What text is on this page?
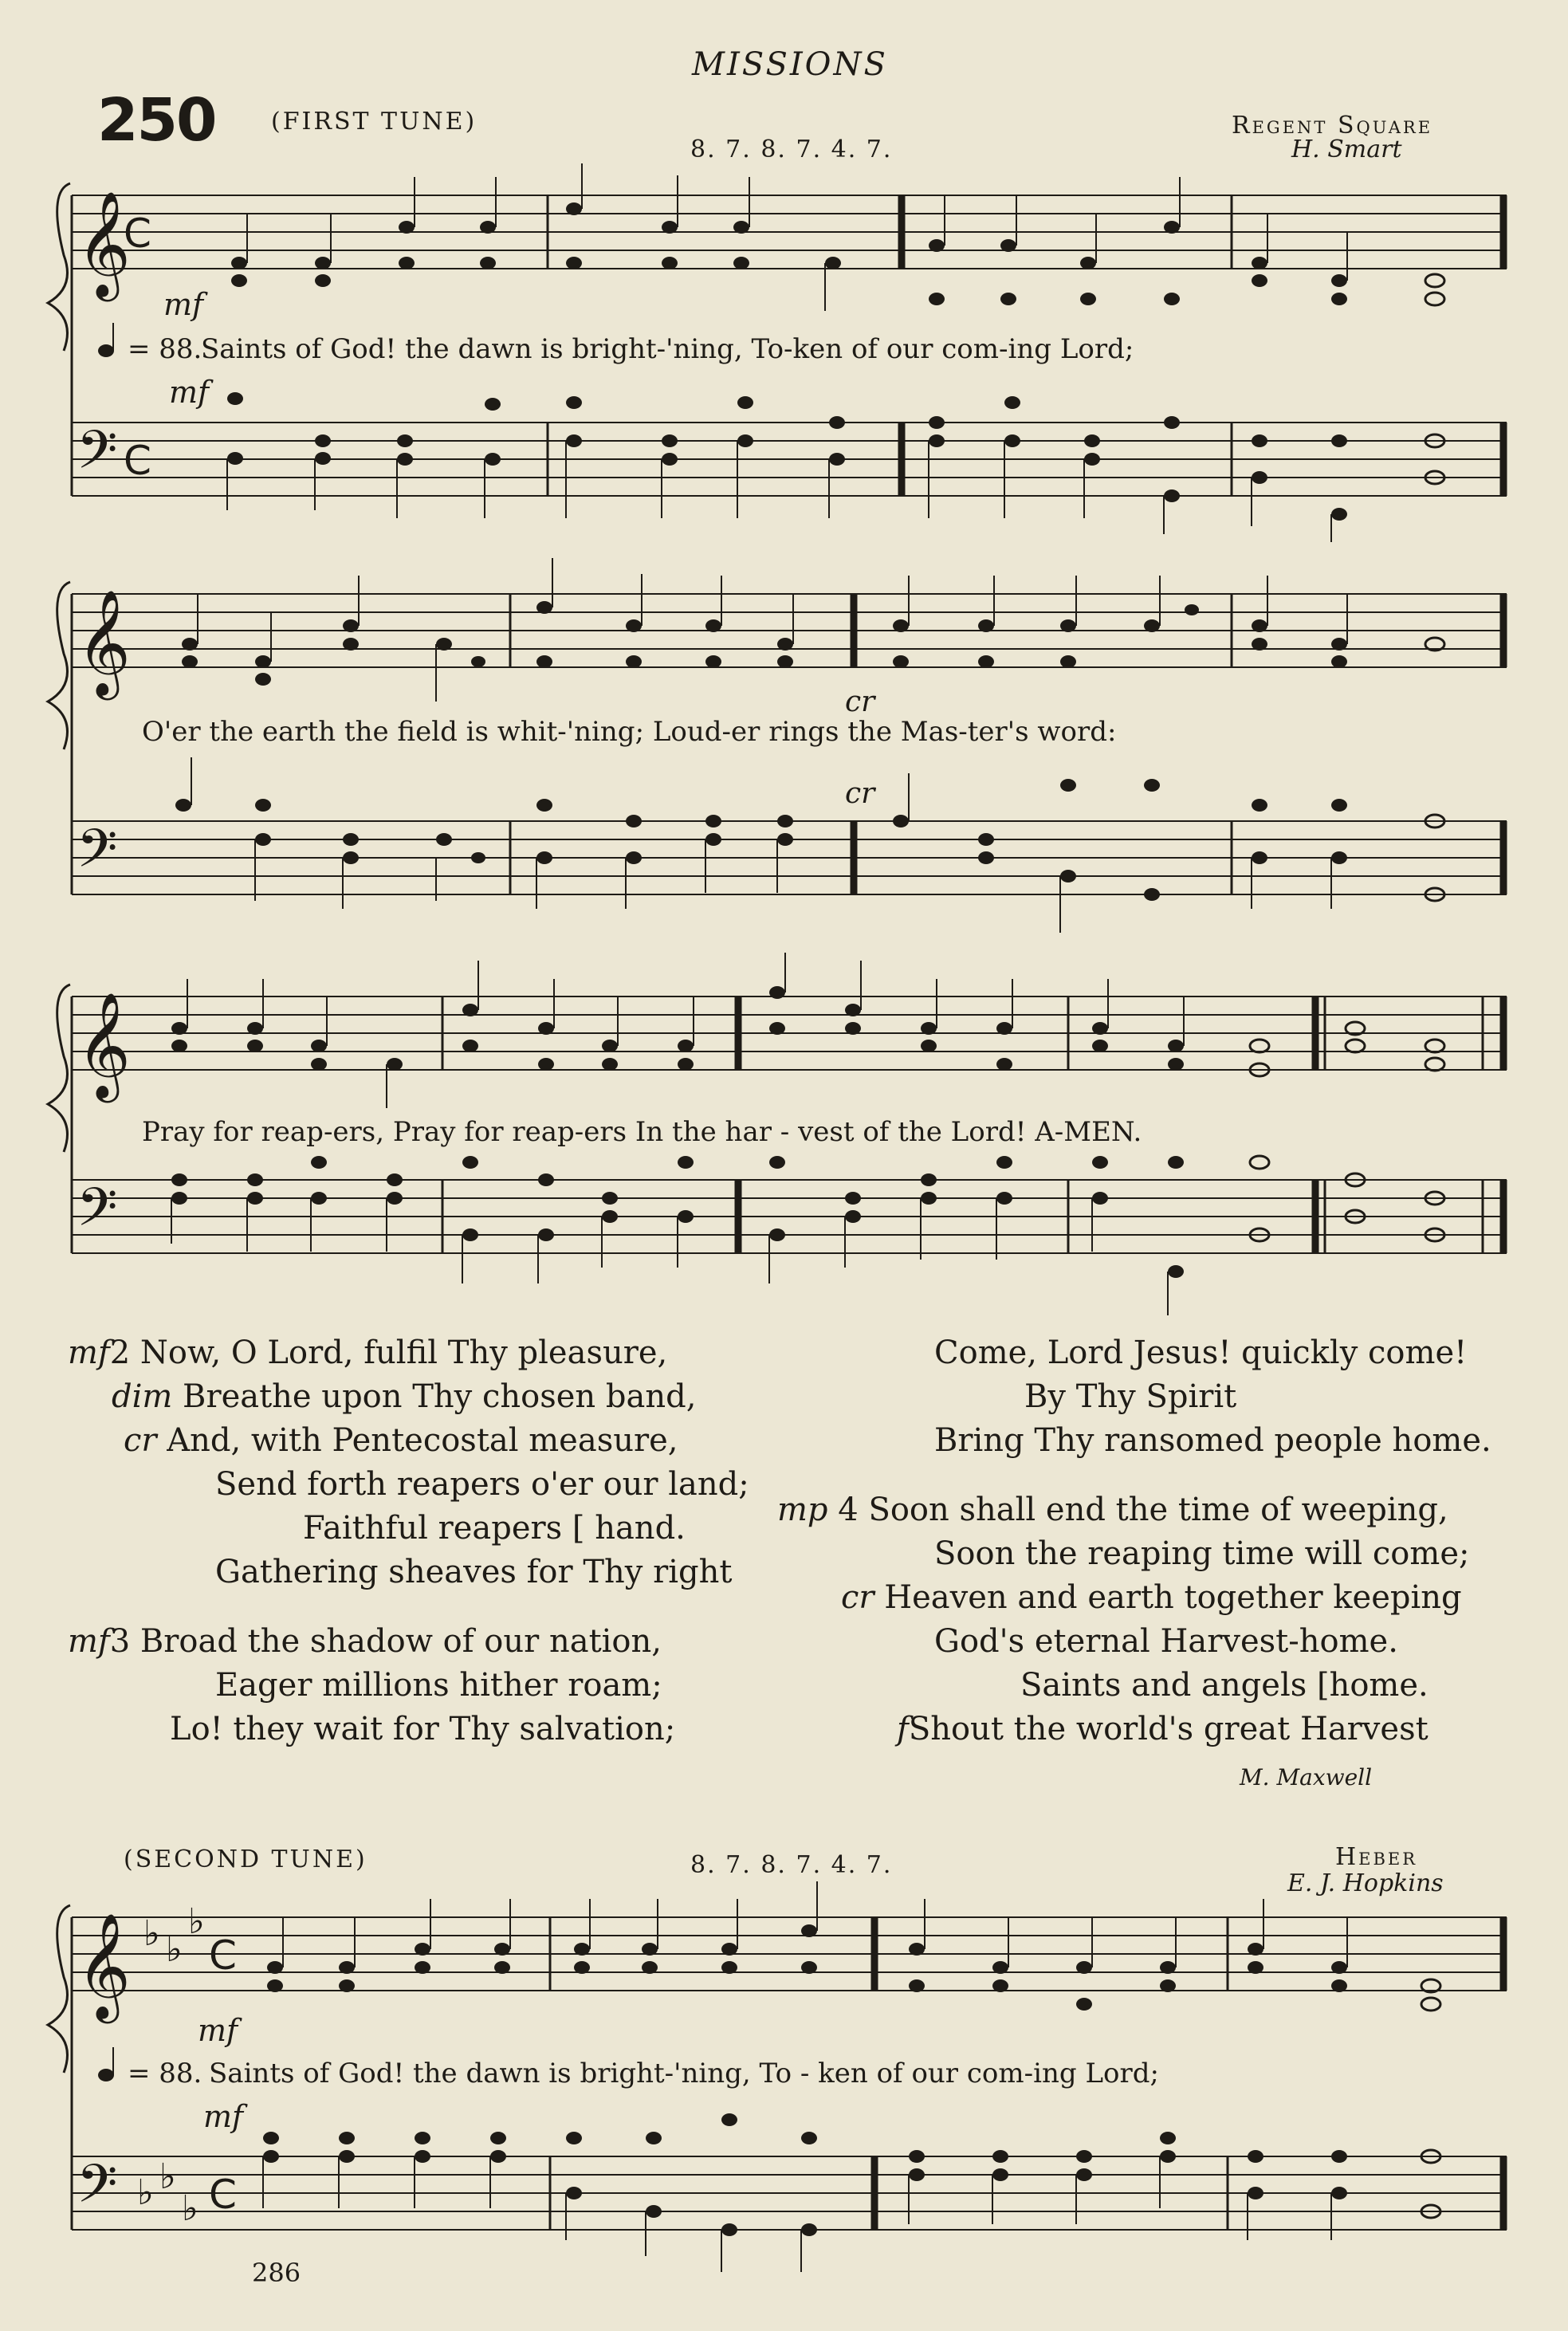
MISSIONS
250 (FIRST TUNE)
8. 7. 8. 7. 4. 7.
Regent Square
H. Smart
𝄞
𝄢
C
C
mf
mf
= 88.
Saints of God! the dawn is bright-'ning, To-ken of our com-ing Lord;
𝄞
𝄢
O'er the earth the field is whit-'ning; Loud-er rings the Mas-ter's word:
cr
cr
𝄞
𝄢
Pray for reap-ers, Pray for reap-ers In the har - vest of the Lord! A-MEN.
mf2 Now, O Lord, fulfil Thy pleasure,
dim Breathe upon Thy chosen band,
cr And, with Pentecostal measure,
Send forth reapers o'er our land;
Faithful reapers [ hand.
Gathering sheaves for Thy right
mf3 Broad the shadow of our nation,
Eager millions hither roam;
Lo! they wait for Thy salvation;
Come, Lord Jesus! quickly come!
By Thy Spirit
Bring Thy ransomed people home.
mp 4 Soon shall end the time of weeping,
Soon the reaping time will come;
cr Heaven and earth together keeping
God's eternal Harvest-home.
Saints and angels [home.
fShout the world's great Harvest
M. Maxwell
(SECOND TUNE)	8. 7. 8. 7. 4. 7.	Heber
E. J. Hopkins
𝄞
𝄢
♭ ♭
♭
♭ ♭
♭
C
C
mf
mf
= 88. Saints of God! the dawn is bright-'ning, To - ken of our com-ing Lord;
286
